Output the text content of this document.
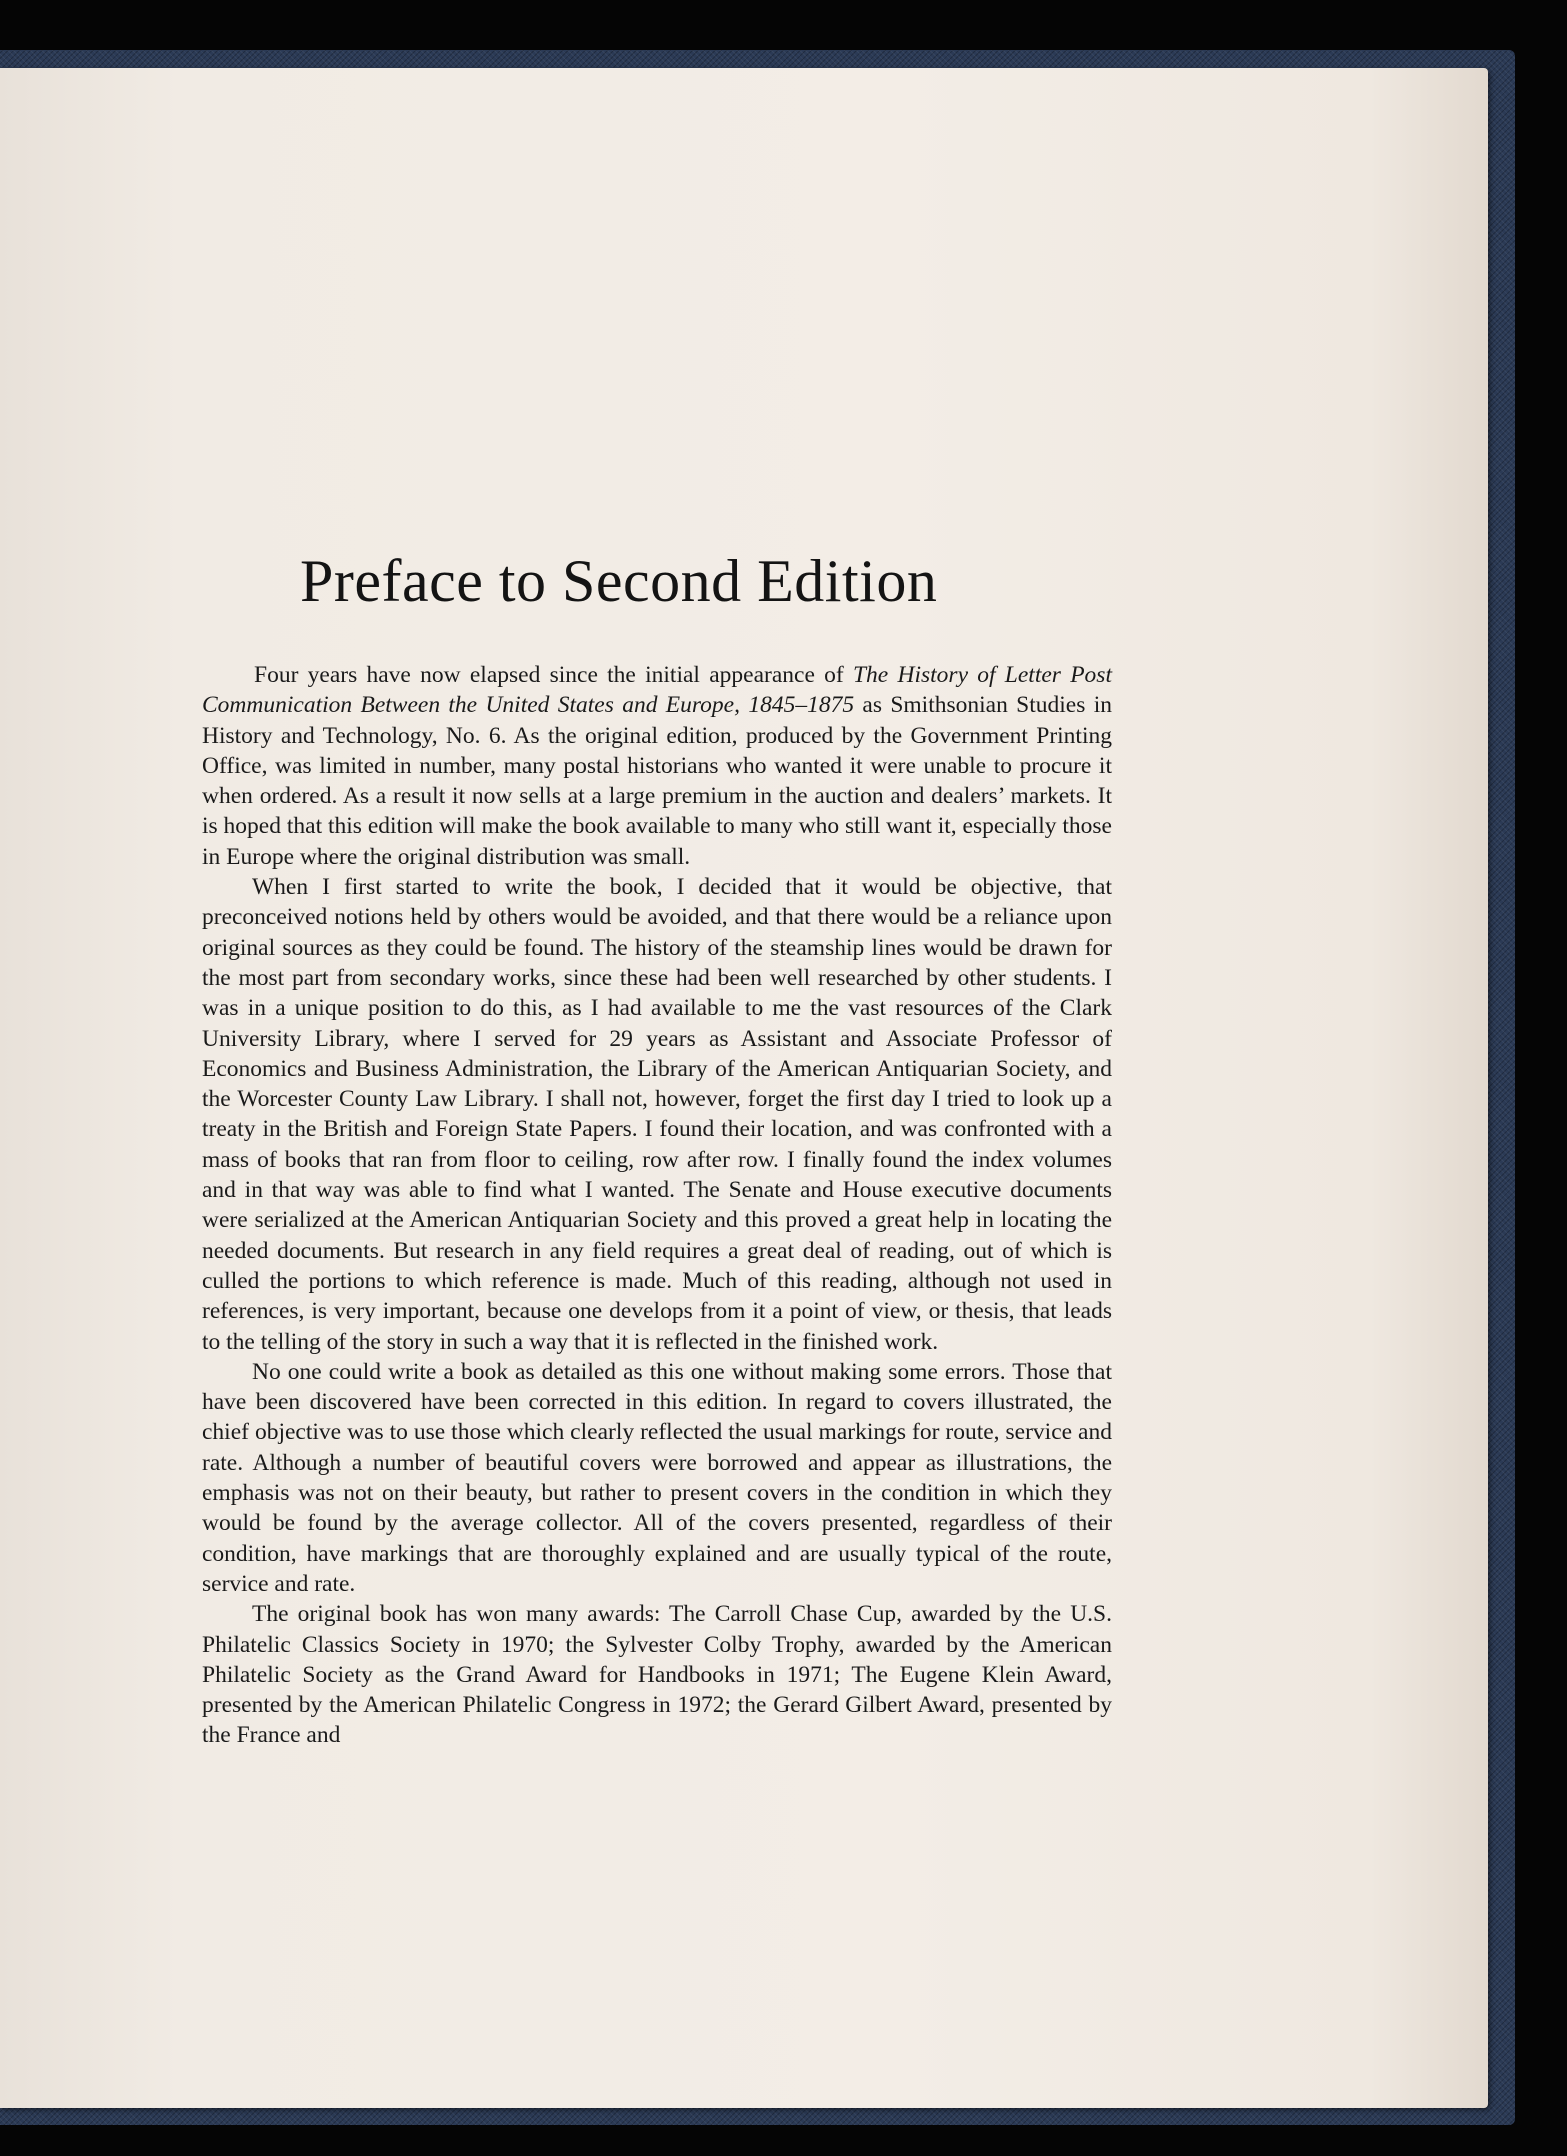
Preface to Second Edition

Four years have now elapsed since the initial appearance of The History of Letter Post Communication Between the United States and Europe, 1845–1875 as Smithsonian Studies in History and Technology, No. 6. As the original edition, produced by the Government Printing Office, was limited in number, many postal historians who wanted it were unable to procure it when ordered. As a result it now sells at a large premium in the auction and dealers’ markets. It is hoped that this edition will make the book available to many who still want it, especially those in Europe where the original distribution was small.

When I first started to write the book, I decided that it would be objective, that preconceived notions held by others would be avoided, and that there would be a reliance upon original sources as they could be found. The history of the steamship lines would be drawn for the most part from secondary works, since these had been well researched by other students. I was in a unique position to do this, as I had available to me the vast resources of the Clark University Library, where I served for 29 years as Assistant and Associate Professor of Economics and Business Administration, the Library of the American Antiquarian Society, and the Worcester County Law Library. I shall not, however, forget the first day I tried to look up a treaty in the British and Foreign State Papers. I found their location, and was confronted with a mass of books that ran from floor to ceiling, row after row. I finally found the index volumes and in that way was able to find what I wanted. The Senate and House executive documents were serialized at the American Antiquarian Society and this proved a great help in locating the needed documents. But research in any field requires a great deal of reading, out of which is culled the portions to which reference is made. Much of this reading, although not used in references, is very important, because one develops from it a point of view, or thesis, that leads to the telling of the story in such a way that it is reflected in the finished work.

No one could write a book as detailed as this one without making some errors. Those that have been discovered have been corrected in this edition. In regard to covers illustrated, the chief objective was to use those which clearly reflected the usual markings for route, service and rate. Although a number of beautiful covers were borrowed and appear as illustrations, the emphasis was not on their beauty, but rather to present covers in the condition in which they would be found by the average collector. All of the covers presented, regardless of their condition, have markings that are thoroughly explained and are usually typical of the route, service and rate.

The original book has won many awards: The Carroll Chase Cup, awarded by the U.S. Philatelic Classics Society in 1970; the Sylvester Colby Trophy, awarded by the American Philatelic Society as the Grand Award for Handbooks in 1971; The Eugene Klein Award, presented by the American Philatelic Congress in 1972; the Gerard Gilbert Award, presented by the France and
